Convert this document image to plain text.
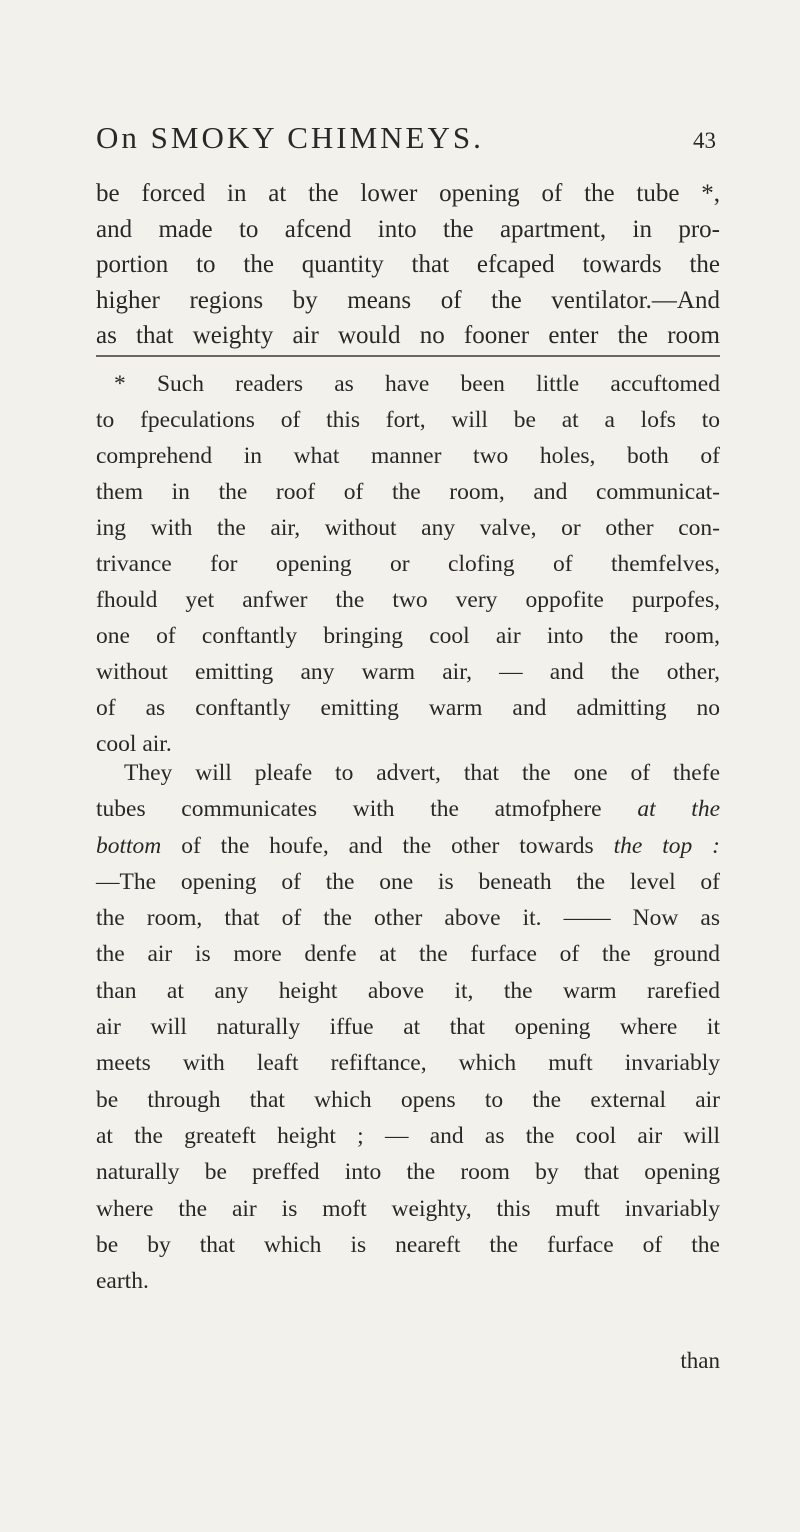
On SMOKY CHIMNEYS.	43
be forced in at the lower opening of the tube *,
and made to afcend into the apartment, in pro-
portion to the quantity that efcaped towards the
higher regions by means of the ventilator.—And
as that weighty air would no fooner enter the room
* Such readers as have been little accuftomed
to fpeculations of this fort, will be at a lofs to
comprehend in what manner two holes, both of
them in the roof of the room, and communicat-
ing with the air, without any valve, or other con-
trivance for opening or clofing of themfelves,
fhould yet anfwer the two very oppofite purpofes,
one of conftantly bringing cool air into the room,
without emitting any warm air, — and the other,
of as conftantly emitting warm and admitting no
cool air.
They will pleafe to advert, that the one of thefe
tubes communicates with the atmofphere at the
bottom of the houfe, and the other towards the top :
—The opening of the one is beneath the level of
the room, that of the other above it. —— Now as
the air is more denfe at the furface of the ground
than at any height above it, the warm rarefied
air will naturally iffue at that opening where it
meets with leaft refiftance, which muft invariably
be through that which opens to the external air
at the greateft height ; — and as the cool air will
naturally be preffed into the room by that opening
where the air is moft weighty, this muft invariably
be by that which is neareft the furface of the
earth.
than
